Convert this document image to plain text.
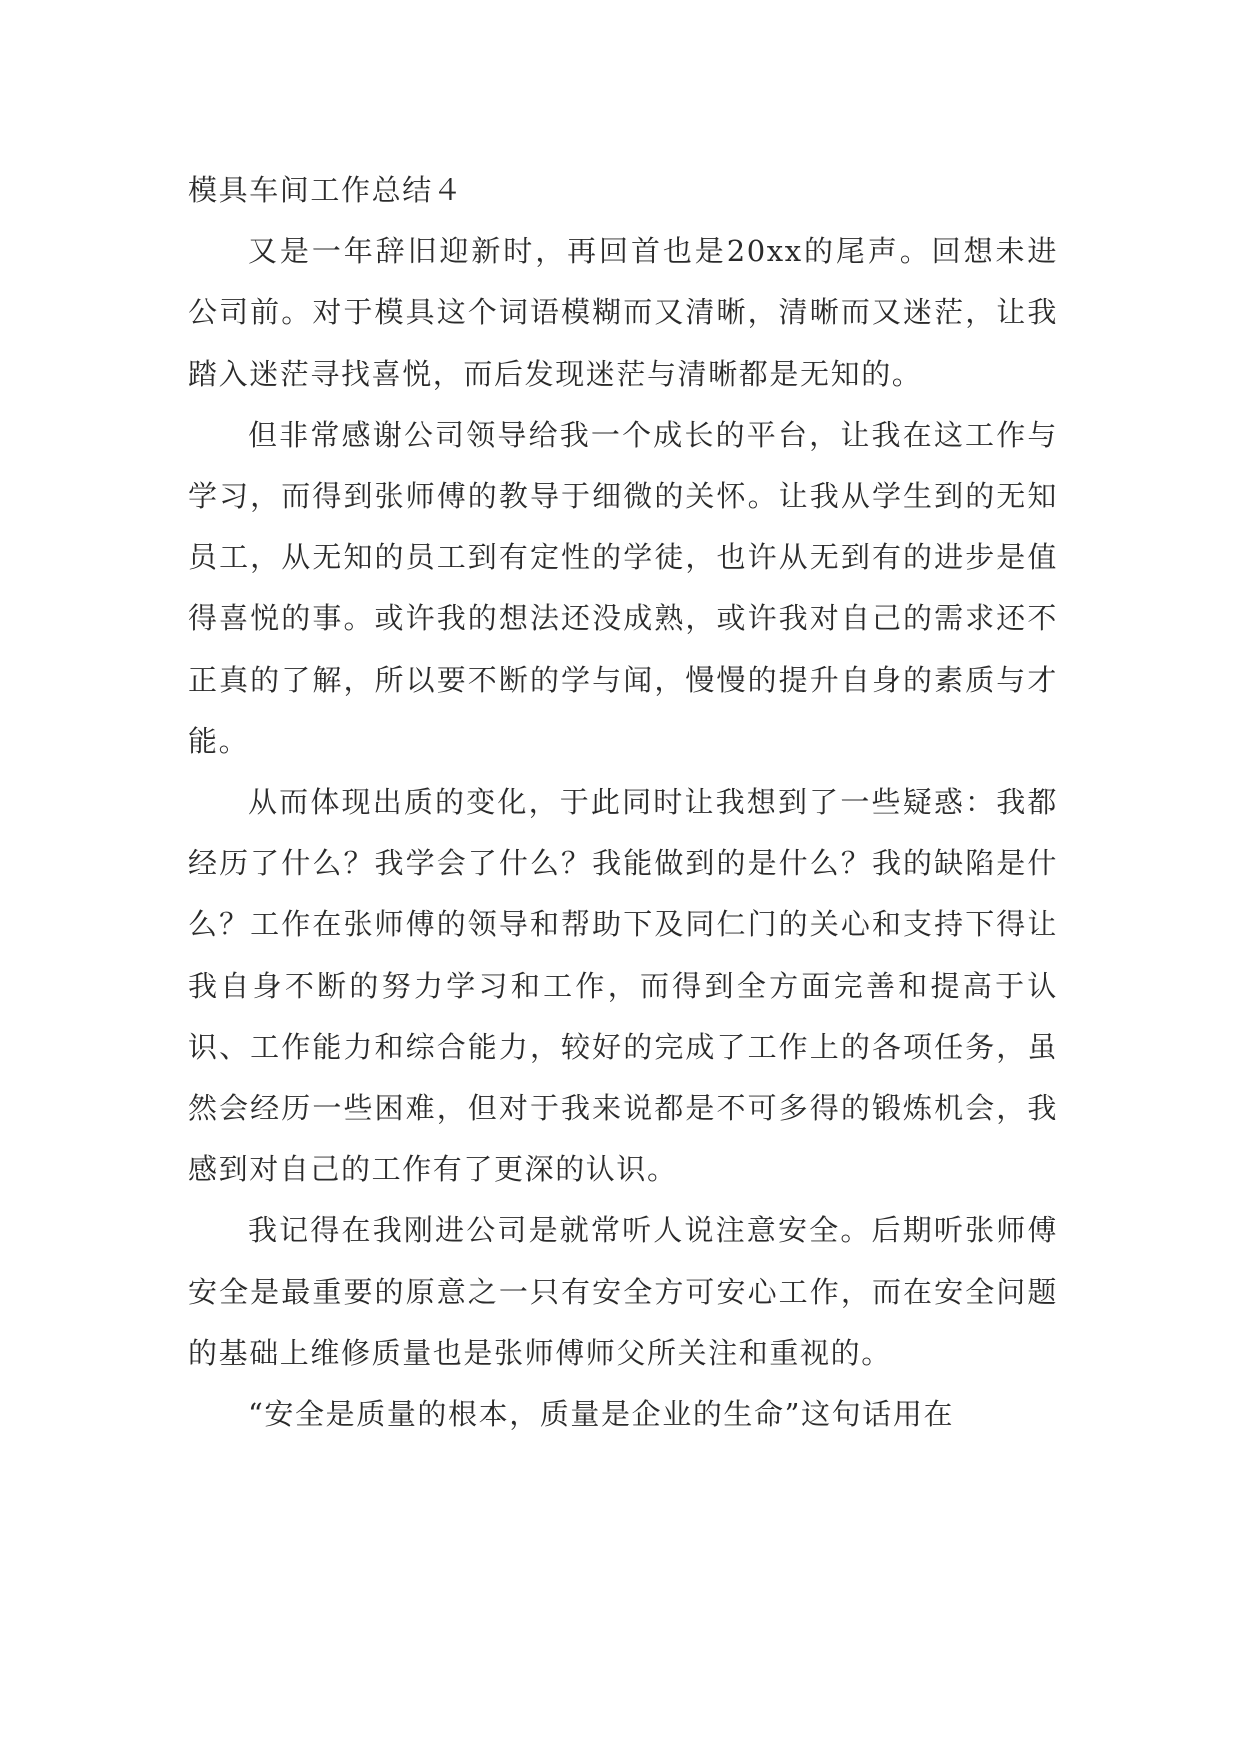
模具车间工作总结４

又是一年辞旧迎新时，再回首也是20xx的尾声。回想未进公司前。对于模具这个词语模糊而又清晰，清晰而又迷茫，让我踏入迷茫寻找喜悦，而后发现迷茫与清晰都是无知的。

但非常感谢公司领导给我一个成长的平台，让我在这工作与学习，而得到张师傅的教导于细微的关怀。让我从学生到的无知员工，从无知的员工到有定性的学徒，也许从无到有的进步是值得喜悦的事。或许我的想法还没成熟，或许我对自己的需求还不正真的了解，所以要不断的学与闻，慢慢的提升自身的素质与才能。

从而体现出质的变化，于此同时让我想到了一些疑惑：我都经历了什么？我学会了什么？我能做到的是什么？我的缺陷是什么？工作在张师傅的领导和帮助下及同仁门的关心和支持下得让我自身不断的努力学习和工作，而得到全方面完善和提高于认识、工作能力和综合能力，较好的完成了工作上的各项任务，虽然会经历一些困难，但对于我来说都是不可多得的锻炼机会，我感到对自己的工作有了更深的认识。

我记得在我刚进公司是就常听人说注意安全。后期听张师傅安全是最重要的原意之一只有安全方可安心工作，而在安全问题的基础上维修质量也是张师傅师父所关注和重视的。

“安全是质量的根本，质量是企业的生命”这句话用在
